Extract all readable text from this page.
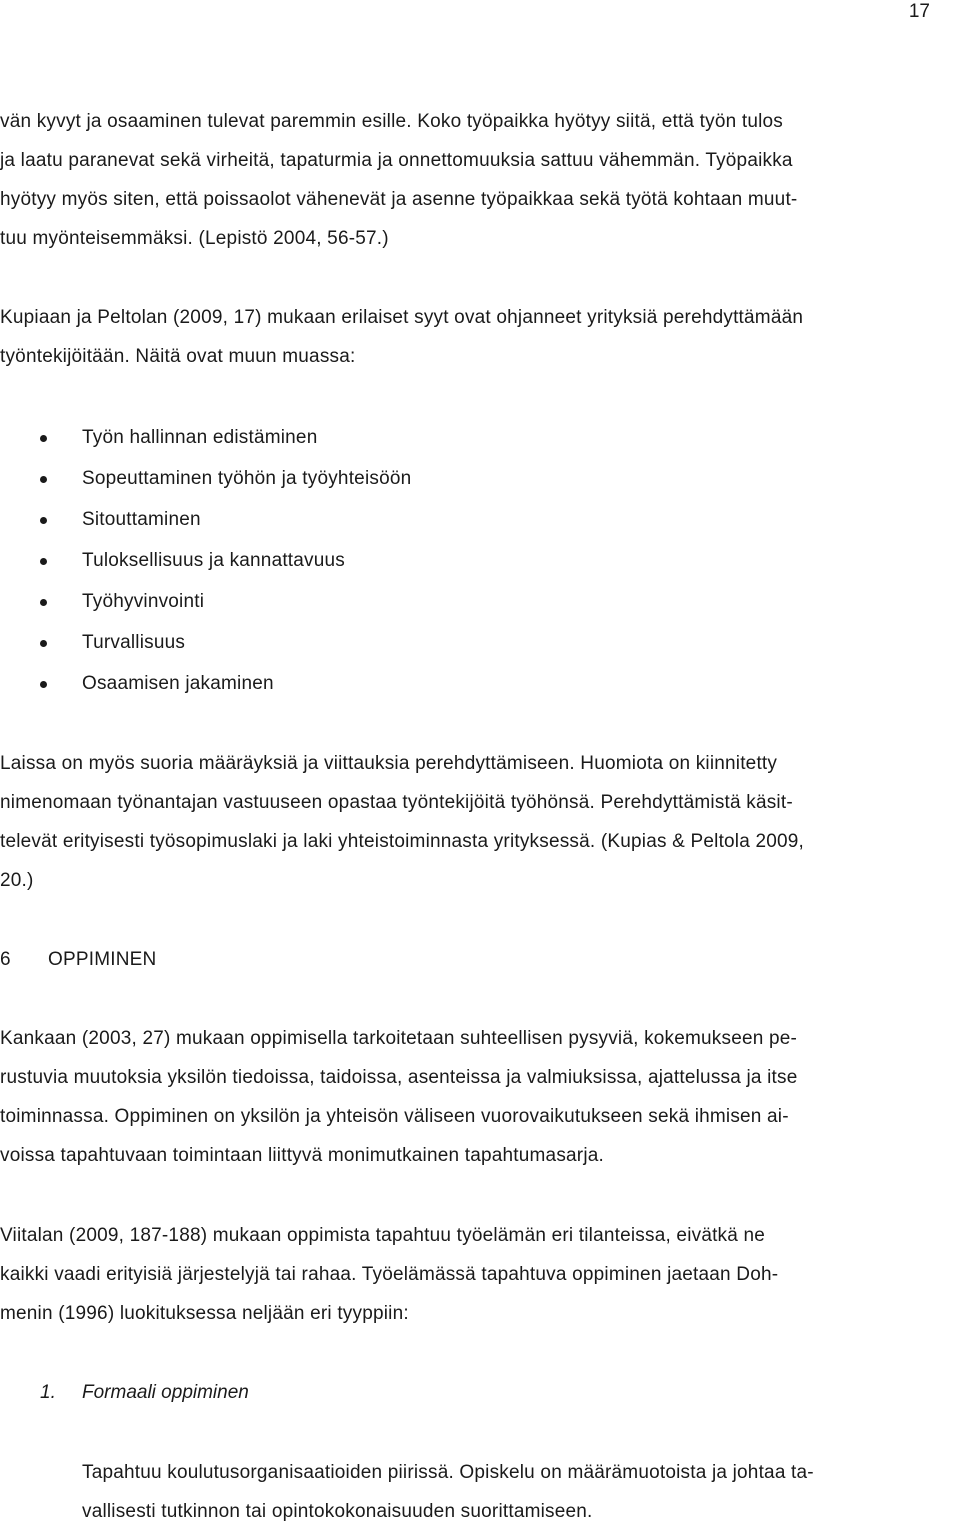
17
vän kyvyt ja osaaminen tulevat paremmin esille. Koko työpaikka hyötyy siitä, että työn tulos
ja laatu paranevat sekä virheitä, tapaturmia ja onnettomuuksia sattuu vähemmän. Työpaikka
hyötyy myös siten, että poissaolot vähenevät ja asenne työpaikkaa sekä työtä kohtaan muut-
tuu myönteisemmäksi. (Lepistö 2004, 56-57.)
Kupiaan ja Peltolan (2009, 17) mukaan erilaiset syyt ovat ohjanneet yrityksiä perehdyttämään
työntekijöitään. Näitä ovat muun muassa:
Työn hallinnan edistäminen
Sopeuttaminen työhön ja työyhteisöön
Sitouttaminen
Tuloksellisuus ja kannattavuus
Työhyvinvointi
Turvallisuus
Osaamisen jakaminen
Laissa on myös suoria määräyksiä ja viittauksia perehdyttämiseen. Huomiota on kiinnitetty
nimenomaan työnantajan vastuuseen opastaa työntekijöitä työhönsä. Perehdyttämistä käsit-
televät erityisesti työsopimuslaki ja laki yhteistoiminnasta yrityksessä. (Kupias & Peltola 2009,
20.)
6 OPPIMINEN
Kankaan (2003, 27) mukaan oppimisella tarkoitetaan suhteellisen pysyviä, kokemukseen pe-
rustuvia muutoksia yksilön tiedoissa, taidoissa, asenteissa ja valmiuksissa, ajattelussa ja itse
toiminnassa. Oppiminen on yksilön ja yhteisön väliseen vuorovaikutukseen sekä ihmisen ai-
voissa tapahtuvaan toimintaan liittyvä monimutkainen tapahtumasarja.
Viitalan (2009, 187-188) mukaan oppimista tapahtuu työelämän eri tilanteissa, eivätkä ne
kaikki vaadi erityisiä järjestelyjä tai rahaa. Työelämässä tapahtuva oppiminen jaetaan Doh-
menin (1996) luokituksessa neljään eri tyyppiin:
1. Formaali oppiminen
Tapahtuu koulutusorganisaatioiden piirissä. Opiskelu on määrämuotoista ja johtaa ta-
vallisesti tutkinnon tai opintokokonaisuuden suorittamiseen.
